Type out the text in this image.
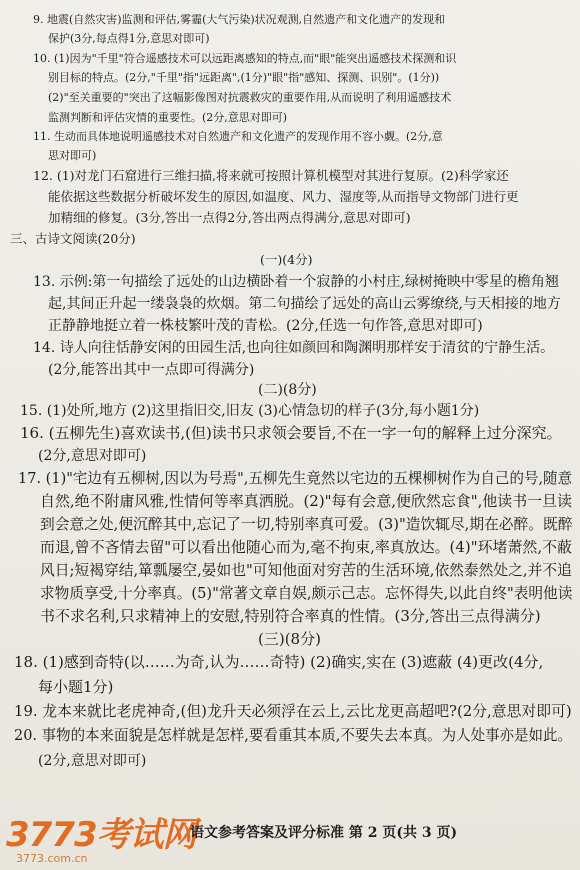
9. 地震(自然灾害)监测和评估,雾霾(大气污染)状况观测,自然遗产和文化遗产的发现和
保护(3分,每点得1分,意思对即可)
10. (1)因为"千里"符合遥感技术可以远距离感知的特点,而"眼"能突出遥感技术探测和识
别目标的特点。(2分,"千里"指"远距离",(1分)"眼"指"感知、探测、识别"。(1分))
(2)"至关重要的"突出了这幅影像图对抗震救灾的重要作用,从而说明了利用遥感技术
监测判断和评估灾情的重要性。(2分,意思对即可)
11. 生动而具体地说明遥感技术对自然遗产和文化遗产的发现作用不容小觑。(2分,意
思对即可)
12. (1)对龙门石窟进行三维扫描,将来就可按照计算机模型对其进行复原。(2)科学家还
能依据这些数据分析破坏发生的原因,如温度、风力、湿度等,从而指导文物部门进行更
加精细的修复。(3分,答出一点得2分,答出两点得满分,意思对即可)
三、古诗文阅读(20分)
(一)(4分)
13. 示例:第一句描绘了远处的山边横卧着一个寂静的小村庄,绿树掩映中零星的檐角翘
起,其间正升起一缕袅袅的炊烟。第二句描绘了远处的高山云雾缭绕,与天相接的地方
正静静地挺立着一株枝繁叶茂的青松。(2分,任选一句作答,意思对即可)
14. 诗人向往恬静安闲的田园生活,也向往如颜回和陶渊明那样安于清贫的宁静生活。
(2分,能答出其中一点即可得满分)
(二)(8分)
15. (1)处所,地方 (2)这里指旧交,旧友 (3)心情急切的样子(3分,每小题1分)
16. (五柳先生)喜欢读书,(但)读书只求领会要旨,不在一字一句的解释上过分深究。
(2分,意思对即可)
17. (1)"宅边有五柳树,因以为号焉",五柳先生竟然以宅边的五棵柳树作为自己的号,随意
自然,绝不附庸风雅,性情何等率真洒脱。(2)"每有会意,便欣然忘食",他读书一旦读
到会意之处,便沉醉其中,忘记了一切,特别率真可爱。(3)"造饮辄尽,期在必醉。既醉
而退,曾不吝情去留"可以看出他随心而为,毫不拘束,率真放达。(4)"环堵萧然,不蔽
风日;短褐穿结,箪瓢屡空,晏如也"可知他面对穷苦的生活环境,依然泰然处之,并不追
求物质享受,十分率真。(5)"常著文章自娱,颇示己志。忘怀得失,以此自终"表明他读
书不求名利,只求精神上的安慰,特别符合率真的性情。(3分,答出三点得满分)
(三)(8分)
18. (1)感到奇特(以……为奇,认为……奇特) (2)确实,实在 (3)遮蔽 (4)更改(4分,
每小题1分)
19. 龙本来就比老虎神奇,(但)龙升天必须浮在云上,云比龙更高超吧?(2分,意思对即可)
20. 事物的本来面貌是怎样就是怎样,要看重其本质,不要失去本真。为人处事亦是如此。
(2分,意思对即可)
3773考试网
3773.com.cn
语文参考答案及评分标准 第 2 页(共 3 页)
